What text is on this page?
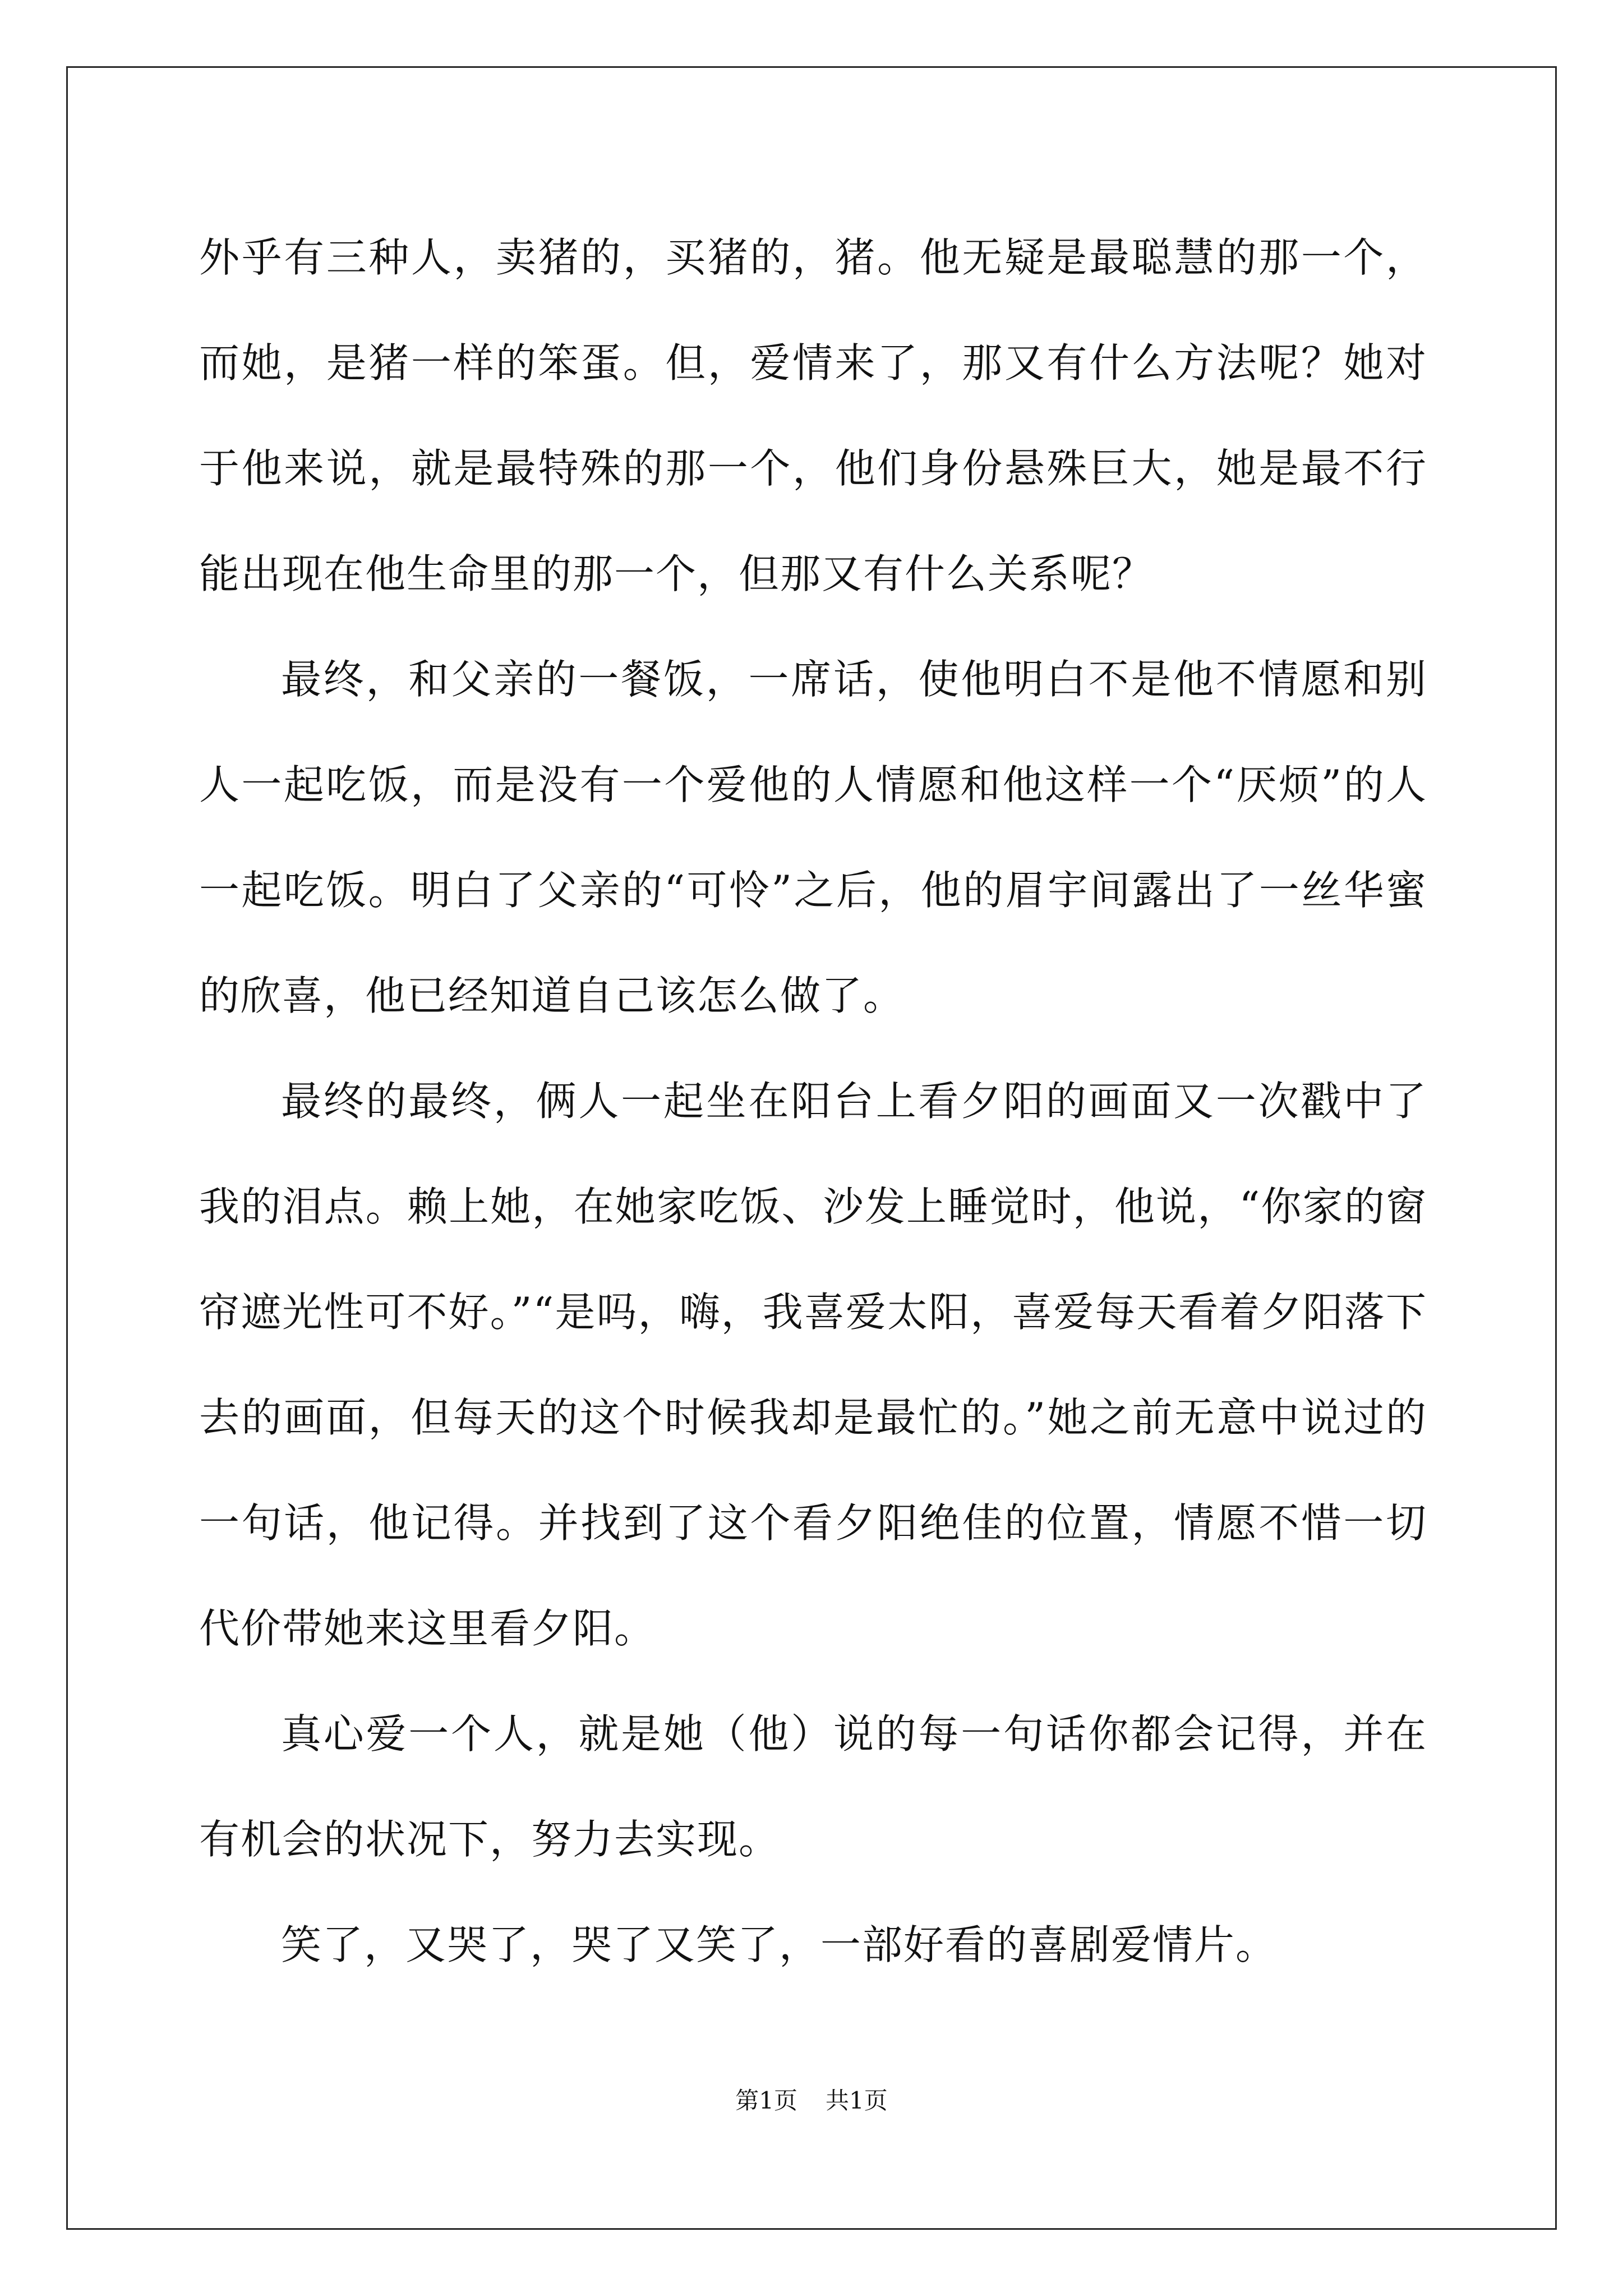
外乎有三种人，卖猪的，买猪的，猪。他无疑是最聪慧的那一个，而她，是猪一样的笨蛋。但，爱情来了，那又有什么方法呢？她对于他来说，就是最特殊的那一个，他们身份悬殊巨大，她是最不行能出现在他生命里的那一个，但那又有什么关系呢？

最终，和父亲的一餐饭，一席话，使他明白不是他不情愿和别人一起吃饭，而是没有一个爱他的人情愿和他这样一个“厌烦”的人一起吃饭。明白了父亲的“可怜”之后，他的眉宇间露出了一丝华蜜的欣喜，他已经知道自己该怎么做了。

最终的最终，俩人一起坐在阳台上看夕阳的画面又一次戳中了我的泪点。赖上她，在她家吃饭、沙发上睡觉时，他说，“你家的窗帘遮光性可不好。”“是吗，嗨，我喜爱太阳，喜爱每天看着夕阳落下去的画面，但每天的这个时候我却是最忙的。”她之前无意中说过的一句话，他记得。并找到了这个看夕阳绝佳的位置，情愿不惜一切代价带她来这里看夕阳。

真心爱一个人，就是她（他）说的每一句话你都会记得，并在有机会的状况下，努力去实现。

笑了，又哭了，哭了又笑了，一部好看的喜剧爱情片。

第1页 共1页
